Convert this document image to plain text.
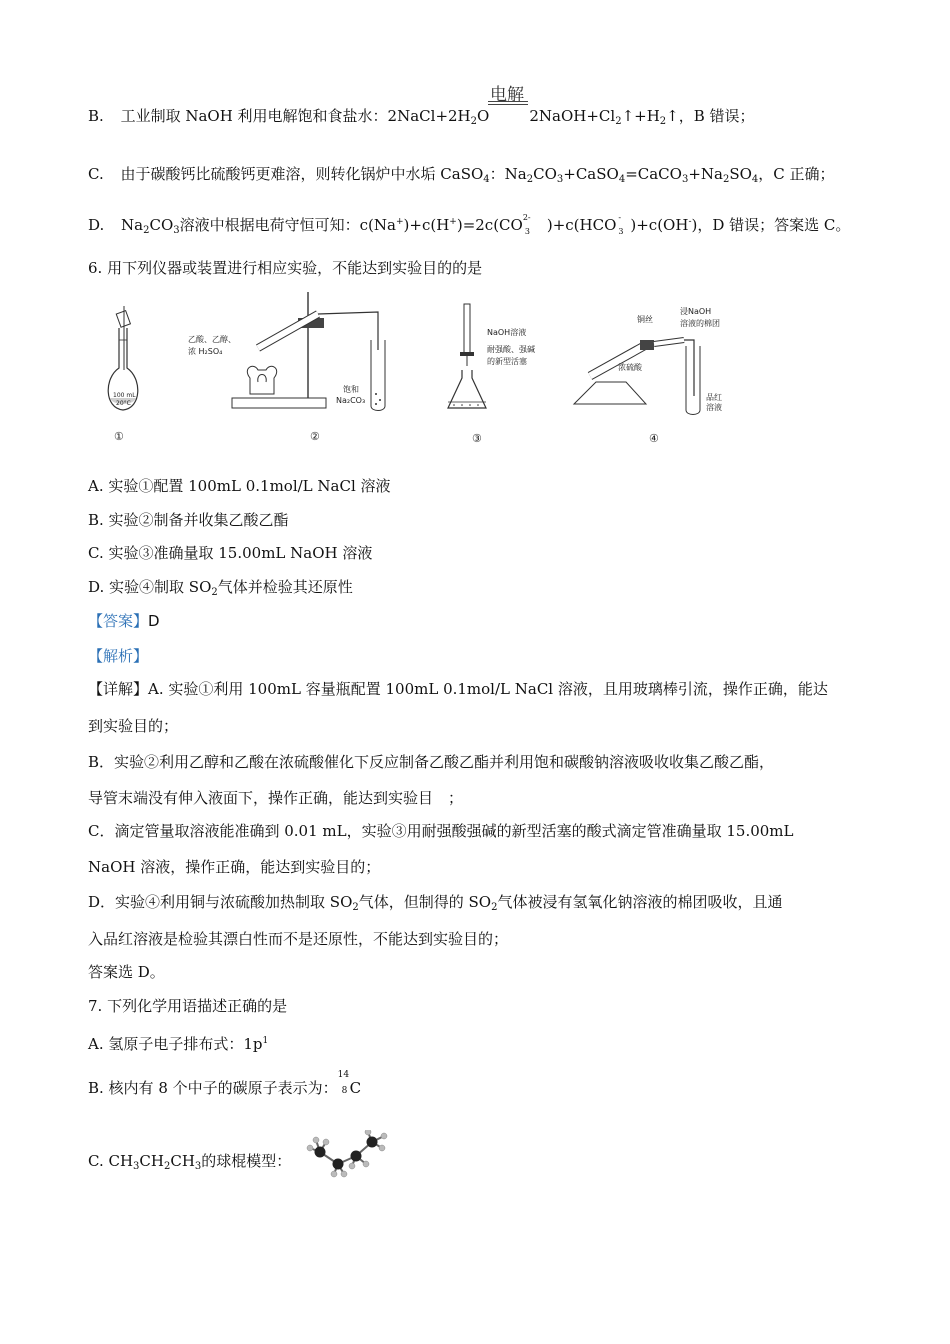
B. 工业制取 NaOH 利用电解饱和食盐水：$2NaCl+2H_2O$	$2NaOH+Cl_2↑+H_2↑$，B 错误；
电解
C. 由于碳酸钙比硫酸钙更难溶，则转化锅炉中水垢 CaSO$_4$：$Na_2CO_3+CaSO_4=CaCO_3+Na_2SO_4$，C 正确；
D. $Na_2CO_3$溶液中根据电荷守恒可知：c(Na+)+c(H+)=2c(CO 2-
3 )+c(HCO -
3 )+c(OH-)，D 错误；答案选 C。
6. 用下列仪器或装置进行相应实验，不能达到实验目的的是
100 mL
20°C
乙酸、乙醇、
浓 H₂SO₄
饱和
Na₂CO₃
NaOH溶液
耐强酸、强碱
的新型活塞
铜丝
浸NaOH
溶液的棉团
浓硫酸
品红
溶液
①	②	③	④
A. 实验①配置 100mL 0.1mol/L NaCl 溶液
B. 实验②制备并收集乙酸乙酯
C. 实验③准确量取 15.00mL NaOH 溶液
D. 实验④制取 $SO_2$气体并检验其还原性
【答案】D
【解析】
【详解】A. 实验①利用 100mL 容量瓶配置 100mL 0.1mol/L NaCl 溶液，且用玻璃棒引流，操作正确，能达
到实验目的；
B．实验②利用乙醇和乙酸在浓硫酸催化下反应制备乙酸乙酯并利用饱和碳酸钠溶液吸收收集乙酸乙酯，
导管末端没有伸入液面下，操作正确，能达到实验目　；
C．滴定管量取溶液能准确到 0.01 mL，实验③用耐强酸强碱的新型活塞的酸式滴定管准确量取 15.00mL
NaOH 溶液，操作正确，能达到实验目的；
D．实验④利用铜与浓硫酸加热制取 $SO_2$气体，但制得的 $SO_2$气体被浸有氢氧化钠溶液的棉团吸收，且通
入品红溶液是检验其漂白性而不是还原性，不能达到实验目的；
答案选 D。
7. 下列化学用语描述正确的是
A. 氢原子电子排布式：$1p^1$
B. 核内有 8 个中子的碳原子表示为：
14
8 C
C. $CH_3CH_2CH_3$的球棍模型：
